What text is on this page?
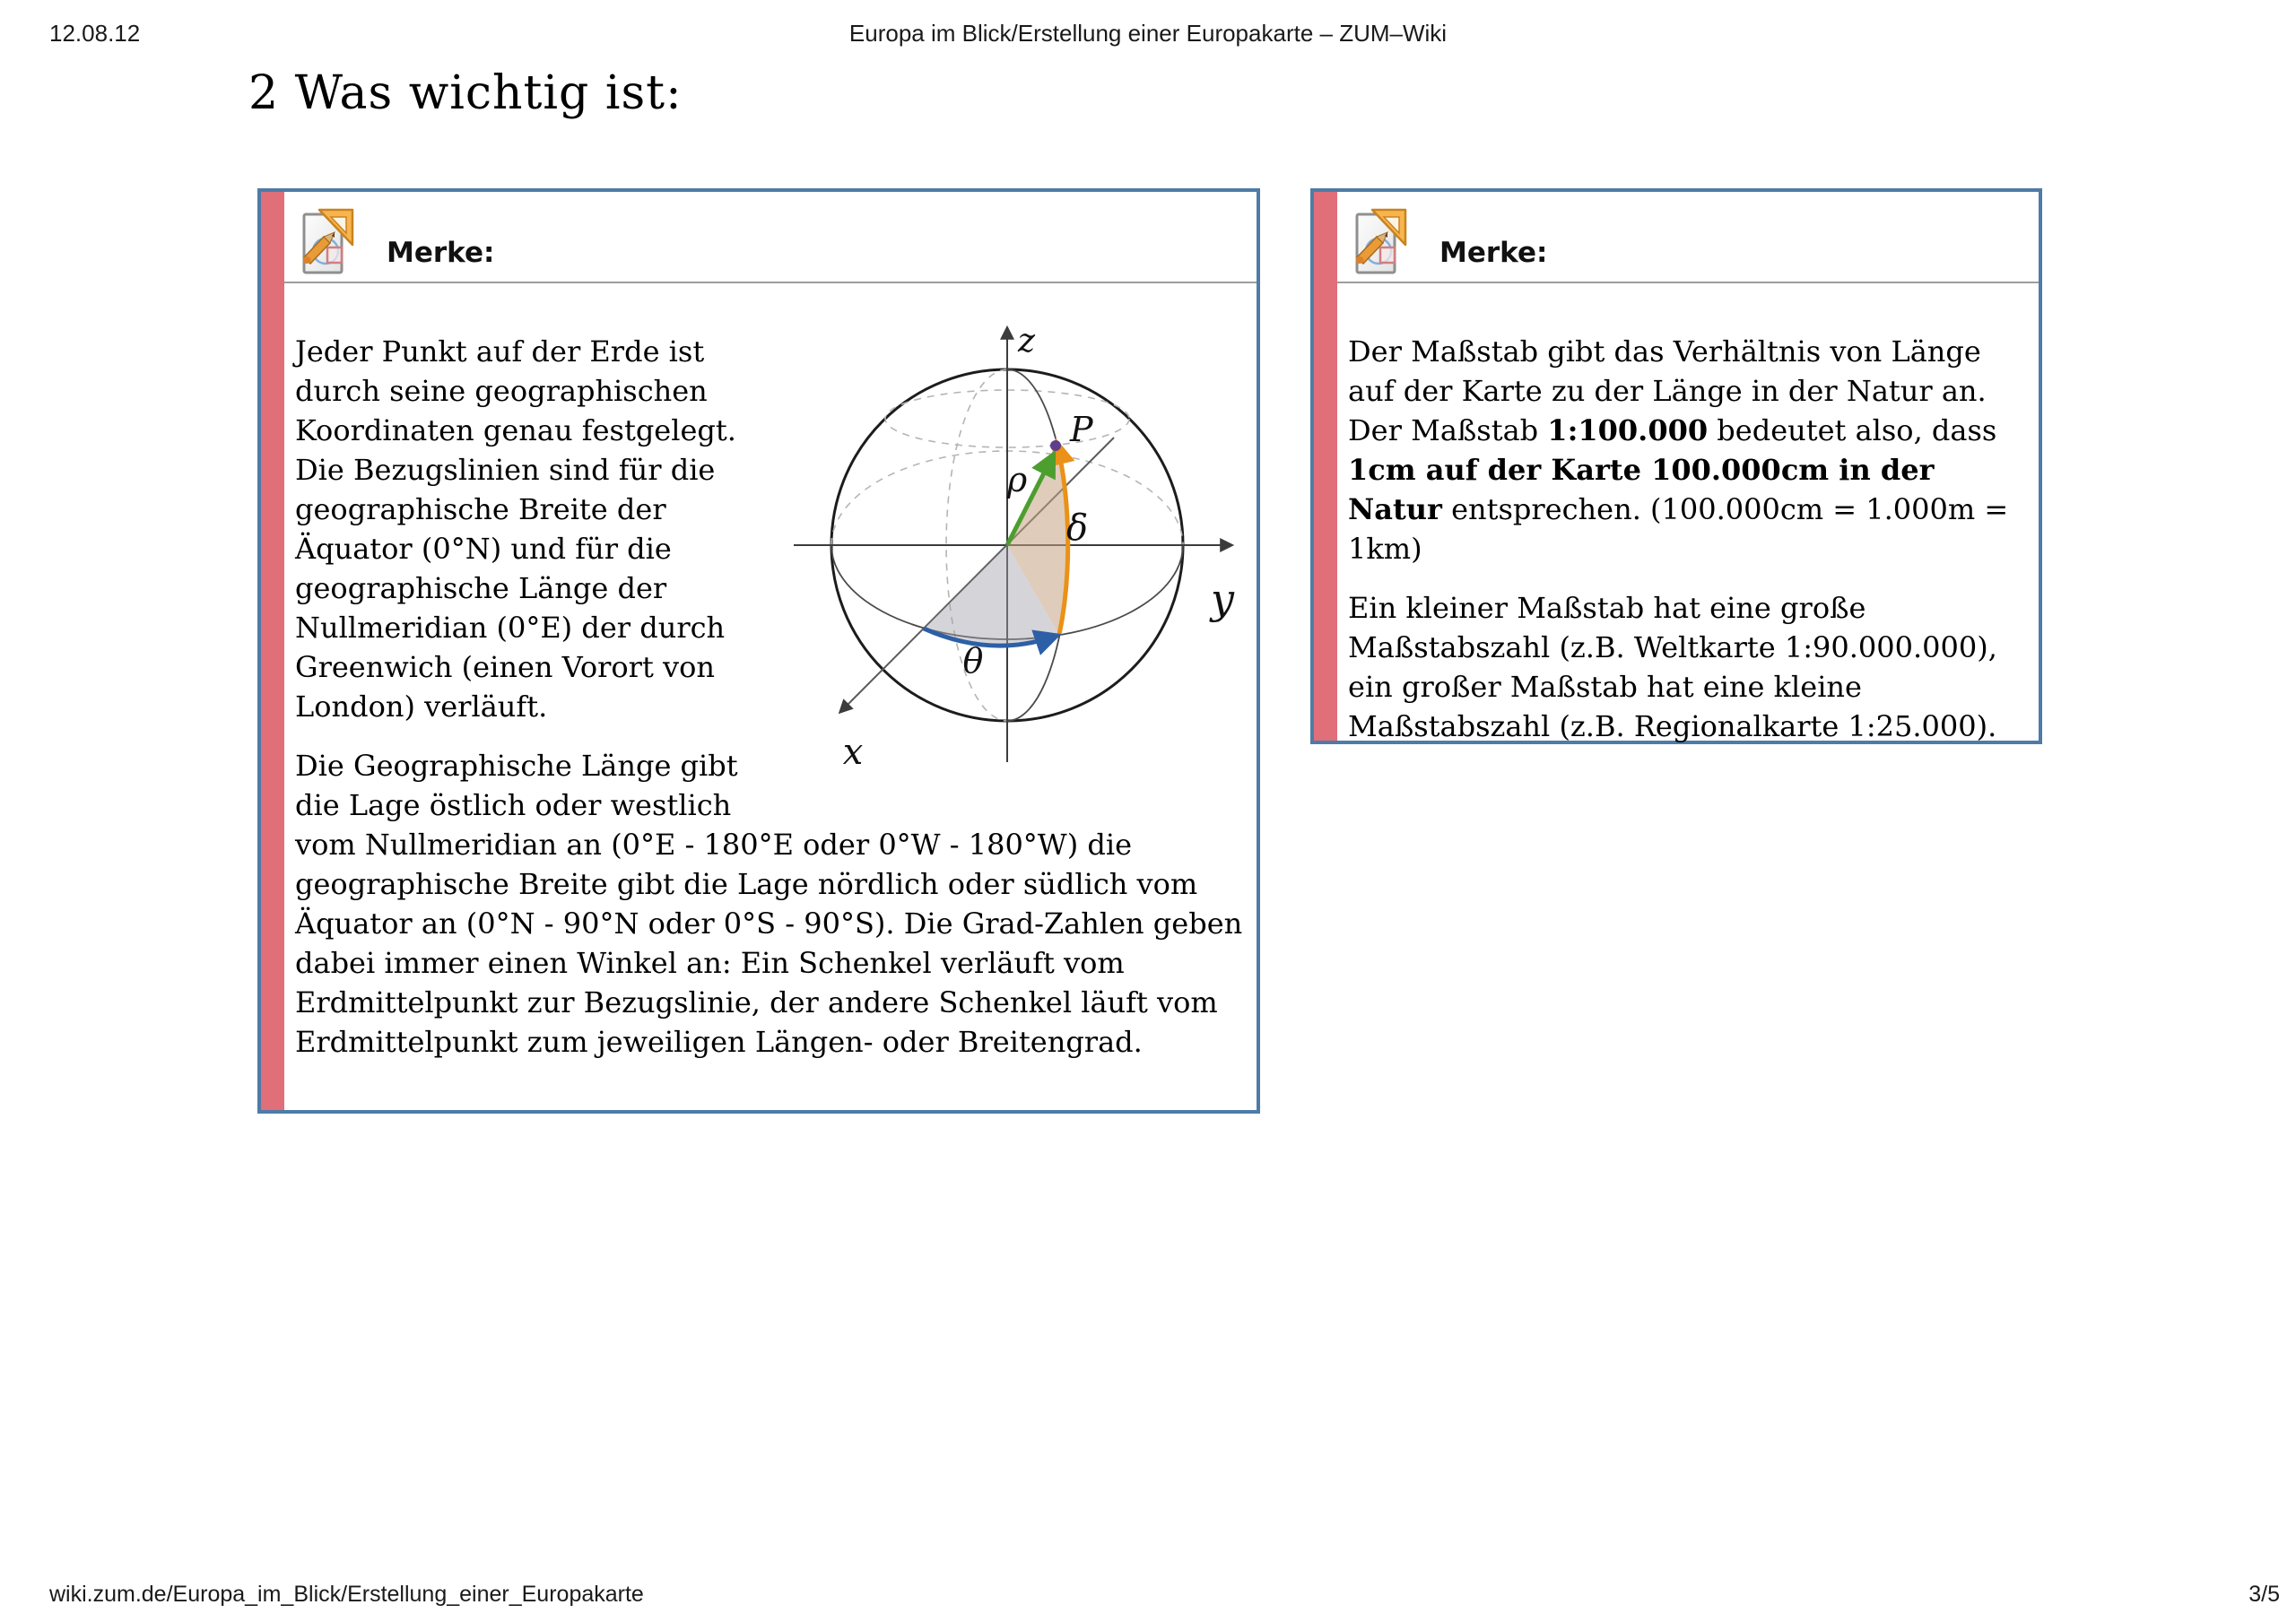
12.08.12	Europa im Blick/Erstellung einer Europakarte – ZUM–Wiki
2 Was wichtig ist:
Merke:
z
y
x
P
ρ
δ
θ

Jeder Punkt auf der Erde ist durch seine geographischen Koordinaten genau festgelegt. Die Bezugslinien sind für die geographische Breite der Äquator (0°N) und für die geographische Länge der Nullmeridian (0°E) der durch Greenwich (einen Vorort von London) verläuft.

Die Geographische Länge gibt die Lage östlich oder westlich vom Nullmeridian an (0°E - 180°E oder 0°W - 180°W) die geographische Breite gibt die Lage nördlich oder südlich vom Äquator an (0°N - 90°N oder 0°S - 90°S). Die Grad-Zahlen geben dabei immer einen Winkel an: Ein Schenkel verläuft vom Erdmittelpunkt zur Bezugslinie, der andere Schenkel läuft vom Erdmittelpunkt zum jeweiligen Längen- oder Breitengrad.

Merke:

Der Maßstab gibt das Verhältnis von Länge auf der Karte zu der Länge in der Natur an. Der Maßstab 1:100.000 bedeutet also, dass 1cm auf der Karte 100.000cm in der Natur entsprechen. (100.000cm = 1.000m = 1km)

Ein kleiner Maßstab hat eine große Maßstabszahl (z.B. Weltkarte 1:90.000.000), ein großer Maßstab hat eine kleine Maßstabszahl (z.B. Regionalkarte 1:25.000).

wiki.zum.de/Europa_im_Blick/Erstellung_einer_Europakarte	3/5
